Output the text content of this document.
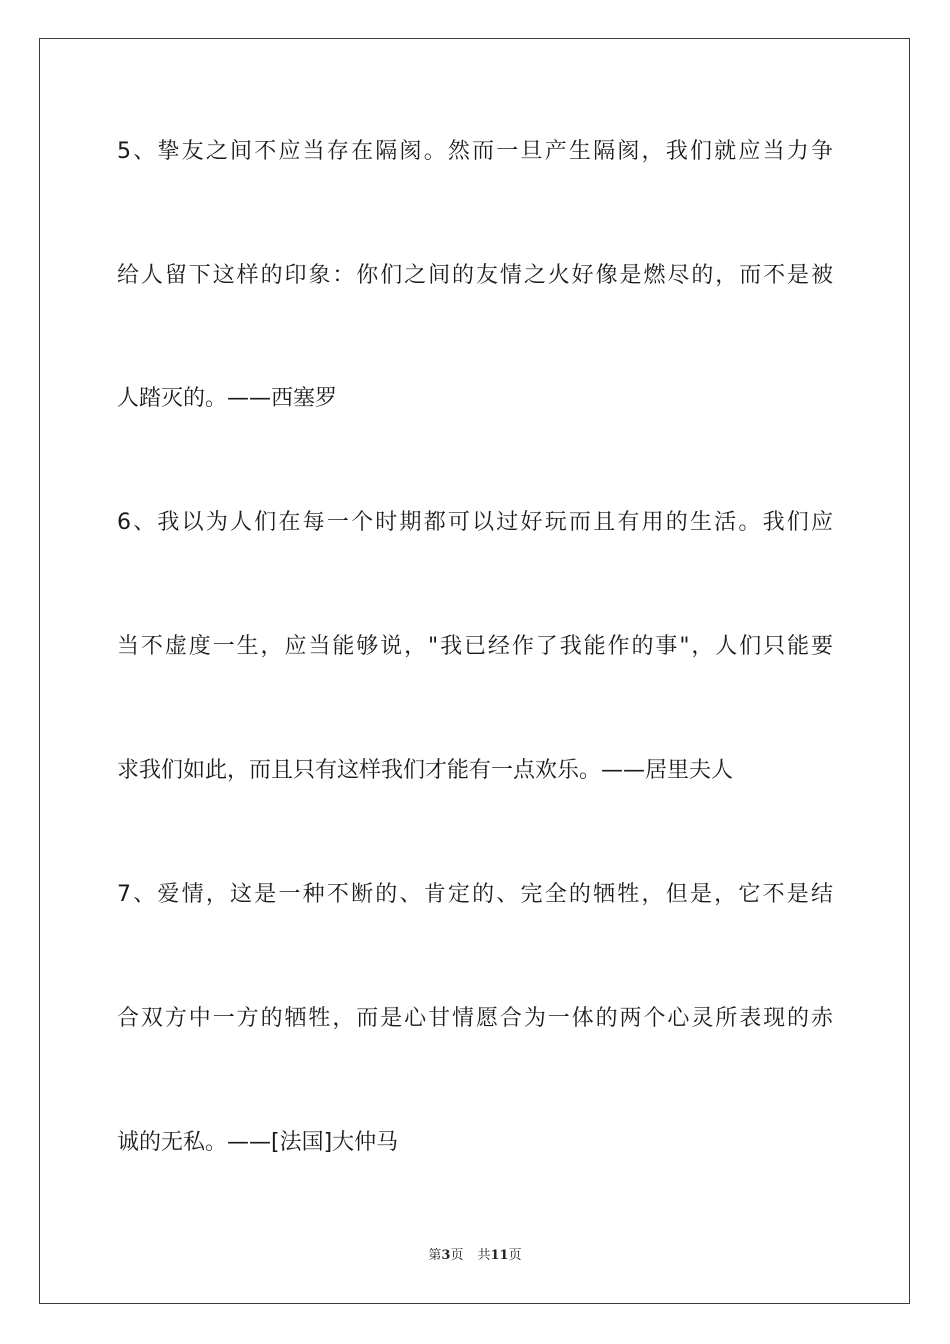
5、挚友之间不应当存在隔阂。然而一旦产生隔阂，我们就应当力争
给人留下这样的印象：你们之间的友情之火好像是燃尽的，而不是被
人踏灭的。——西塞罗
6、我以为人们在每一个时期都可以过好玩而且有用的生活。我们应
当不虚度一生，应当能够说，"我已经作了我能作的事"，人们只能要
求我们如此，而且只有这样我们才能有一点欢乐。——居里夫人
7、爱情，这是一种不断的、肯定的、完全的牺牲，但是，它不是结
合双方中一方的牺牲，而是心甘情愿合为一体的两个心灵所表现的赤
诚的无私。——[法国]大仲马
第3页 共11页
